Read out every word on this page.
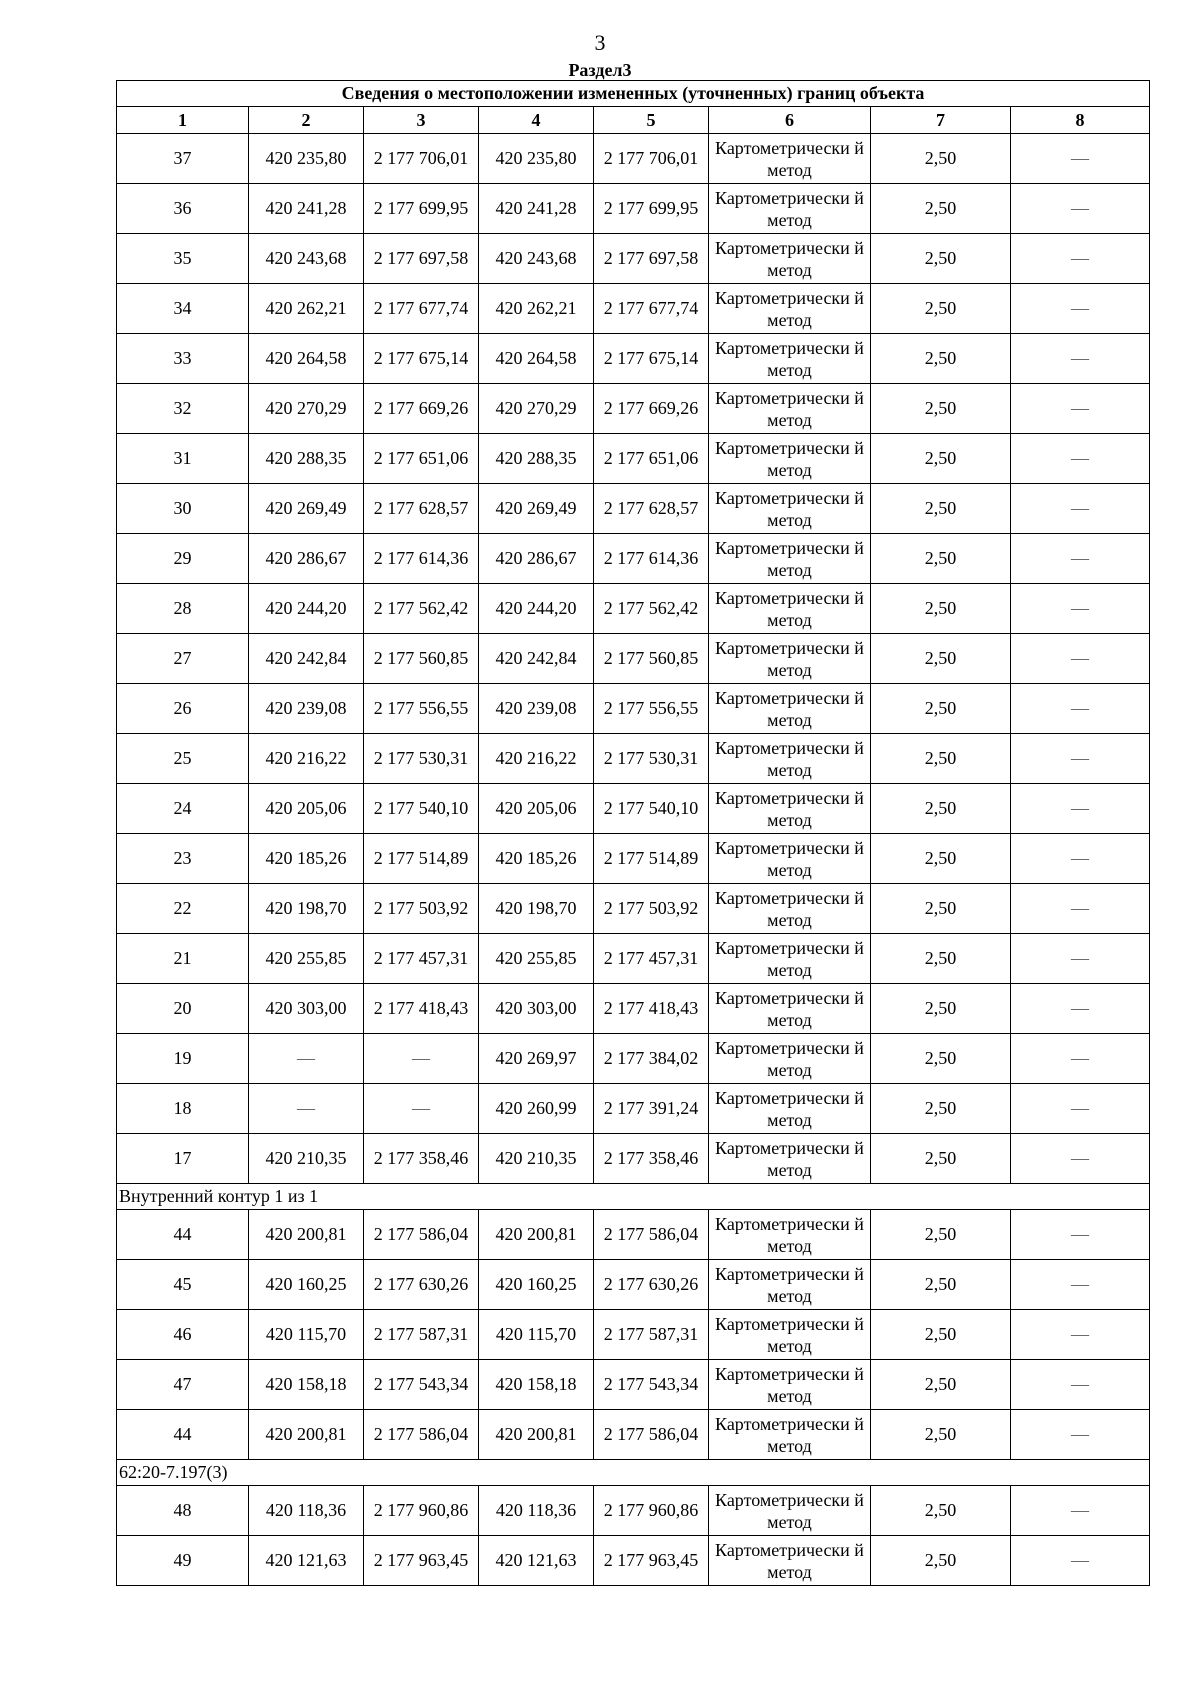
3
Раздел3
Сведения о местоположении измененных (уточненных) границ объекта							
1	2	3	4	5	6	7	8
37	420 235,80	2 177 706,01	420 235,80	2 177 706,01	Картометрически й метод	2,50	—
36	420 241,28	2 177 699,95	420 241,28	2 177 699,95	Картометрически й метод	2,50	—
35	420 243,68	2 177 697,58	420 243,68	2 177 697,58	Картометрически й метод	2,50	—
34	420 262,21	2 177 677,74	420 262,21	2 177 677,74	Картометрически й метод	2,50	—
33	420 264,58	2 177 675,14	420 264,58	2 177 675,14	Картометрически й метод	2,50	—
32	420 270,29	2 177 669,26	420 270,29	2 177 669,26	Картометрически й метод	2,50	—
31	420 288,35	2 177 651,06	420 288,35	2 177 651,06	Картометрически й метод	2,50	—
30	420 269,49	2 177 628,57	420 269,49	2 177 628,57	Картометрически й метод	2,50	—
29	420 286,67	2 177 614,36	420 286,67	2 177 614,36	Картометрически й метод	2,50	—
28	420 244,20	2 177 562,42	420 244,20	2 177 562,42	Картометрически й метод	2,50	—
27	420 242,84	2 177 560,85	420 242,84	2 177 560,85	Картометрически й метод	2,50	—
26	420 239,08	2 177 556,55	420 239,08	2 177 556,55	Картометрически й метод	2,50	—
25	420 216,22	2 177 530,31	420 216,22	2 177 530,31	Картометрически й метод	2,50	—
24	420 205,06	2 177 540,10	420 205,06	2 177 540,10	Картометрически й метод	2,50	—
23	420 185,26	2 177 514,89	420 185,26	2 177 514,89	Картометрически й метод	2,50	—
22	420 198,70	2 177 503,92	420 198,70	2 177 503,92	Картометрически й метод	2,50	—
21	420 255,85	2 177 457,31	420 255,85	2 177 457,31	Картометрически й метод	2,50	—
20	420 303,00	2 177 418,43	420 303,00	2 177 418,43	Картометрически й метод	2,50	—
19	—	—	420 269,97	2 177 384,02	Картометрически й метод	2,50	—
18	—	—	420 260,99	2 177 391,24	Картометрически й метод	2,50	—
17	420 210,35	2 177 358,46	420 210,35	2 177 358,46	Картометрически й метод	2,50	—
Внутренний контур 1 из 1							
44	420 200,81	2 177 586,04	420 200,81	2 177 586,04	Картометрически й метод	2,50	—
45	420 160,25	2 177 630,26	420 160,25	2 177 630,26	Картометрически й метод	2,50	—
46	420 115,70	2 177 587,31	420 115,70	2 177 587,31	Картометрически й метод	2,50	—
47	420 158,18	2 177 543,34	420 158,18	2 177 543,34	Картометрически й метод	2,50	—
44	420 200,81	2 177 586,04	420 200,81	2 177 586,04	Картометрически й метод	2,50	—
62:20-7.197(3)							
48	420 118,36	2 177 960,86	420 118,36	2 177 960,86	Картометрически й метод	2,50	—
49	420 121,63	2 177 963,45	420 121,63	2 177 963,45	Картометрически й метод	2,50	—
